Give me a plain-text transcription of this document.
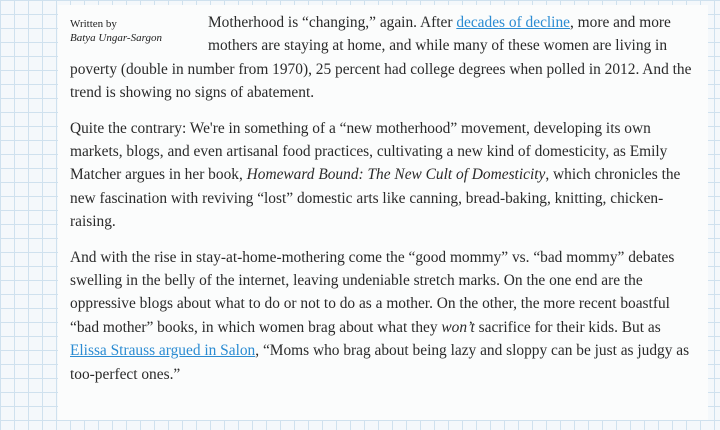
Written by
Batya Ungar-Sargon

Motherhood is “changing,” again. After decades of decline, more and more mothers are staying at home, and while many of these women are living in poverty (double in number from 1970), 25 percent had college degrees when polled in 2012. And the trend is showing no signs of abatement.

Quite the contrary: We're in something of a “new motherhood” movement, developing its own markets, blogs, and even artisanal food practices, cultivating a new kind of domesticity, as Emily Matcher argues in her book, Homeward Bound: The New Cult of Domesticity, which chronicles the new fascination with reviving “lost” domestic arts like canning, bread-baking, knitting, chicken-raising.

And with the rise in stay-at-home-mothering come the “good mommy” vs. “bad mommy” debates swelling in the belly of the internet, leaving undeniable stretch marks. On the one end are the oppressive blogs about what to do or not to do as a mother. On the other, the more recent boastful “bad mother” books, in which women brag about what they won’t sacrifice for their kids. But as Elissa Strauss argued in Salon, “Moms who brag about being lazy and sloppy can be just as judgy as too-perfect ones.”
